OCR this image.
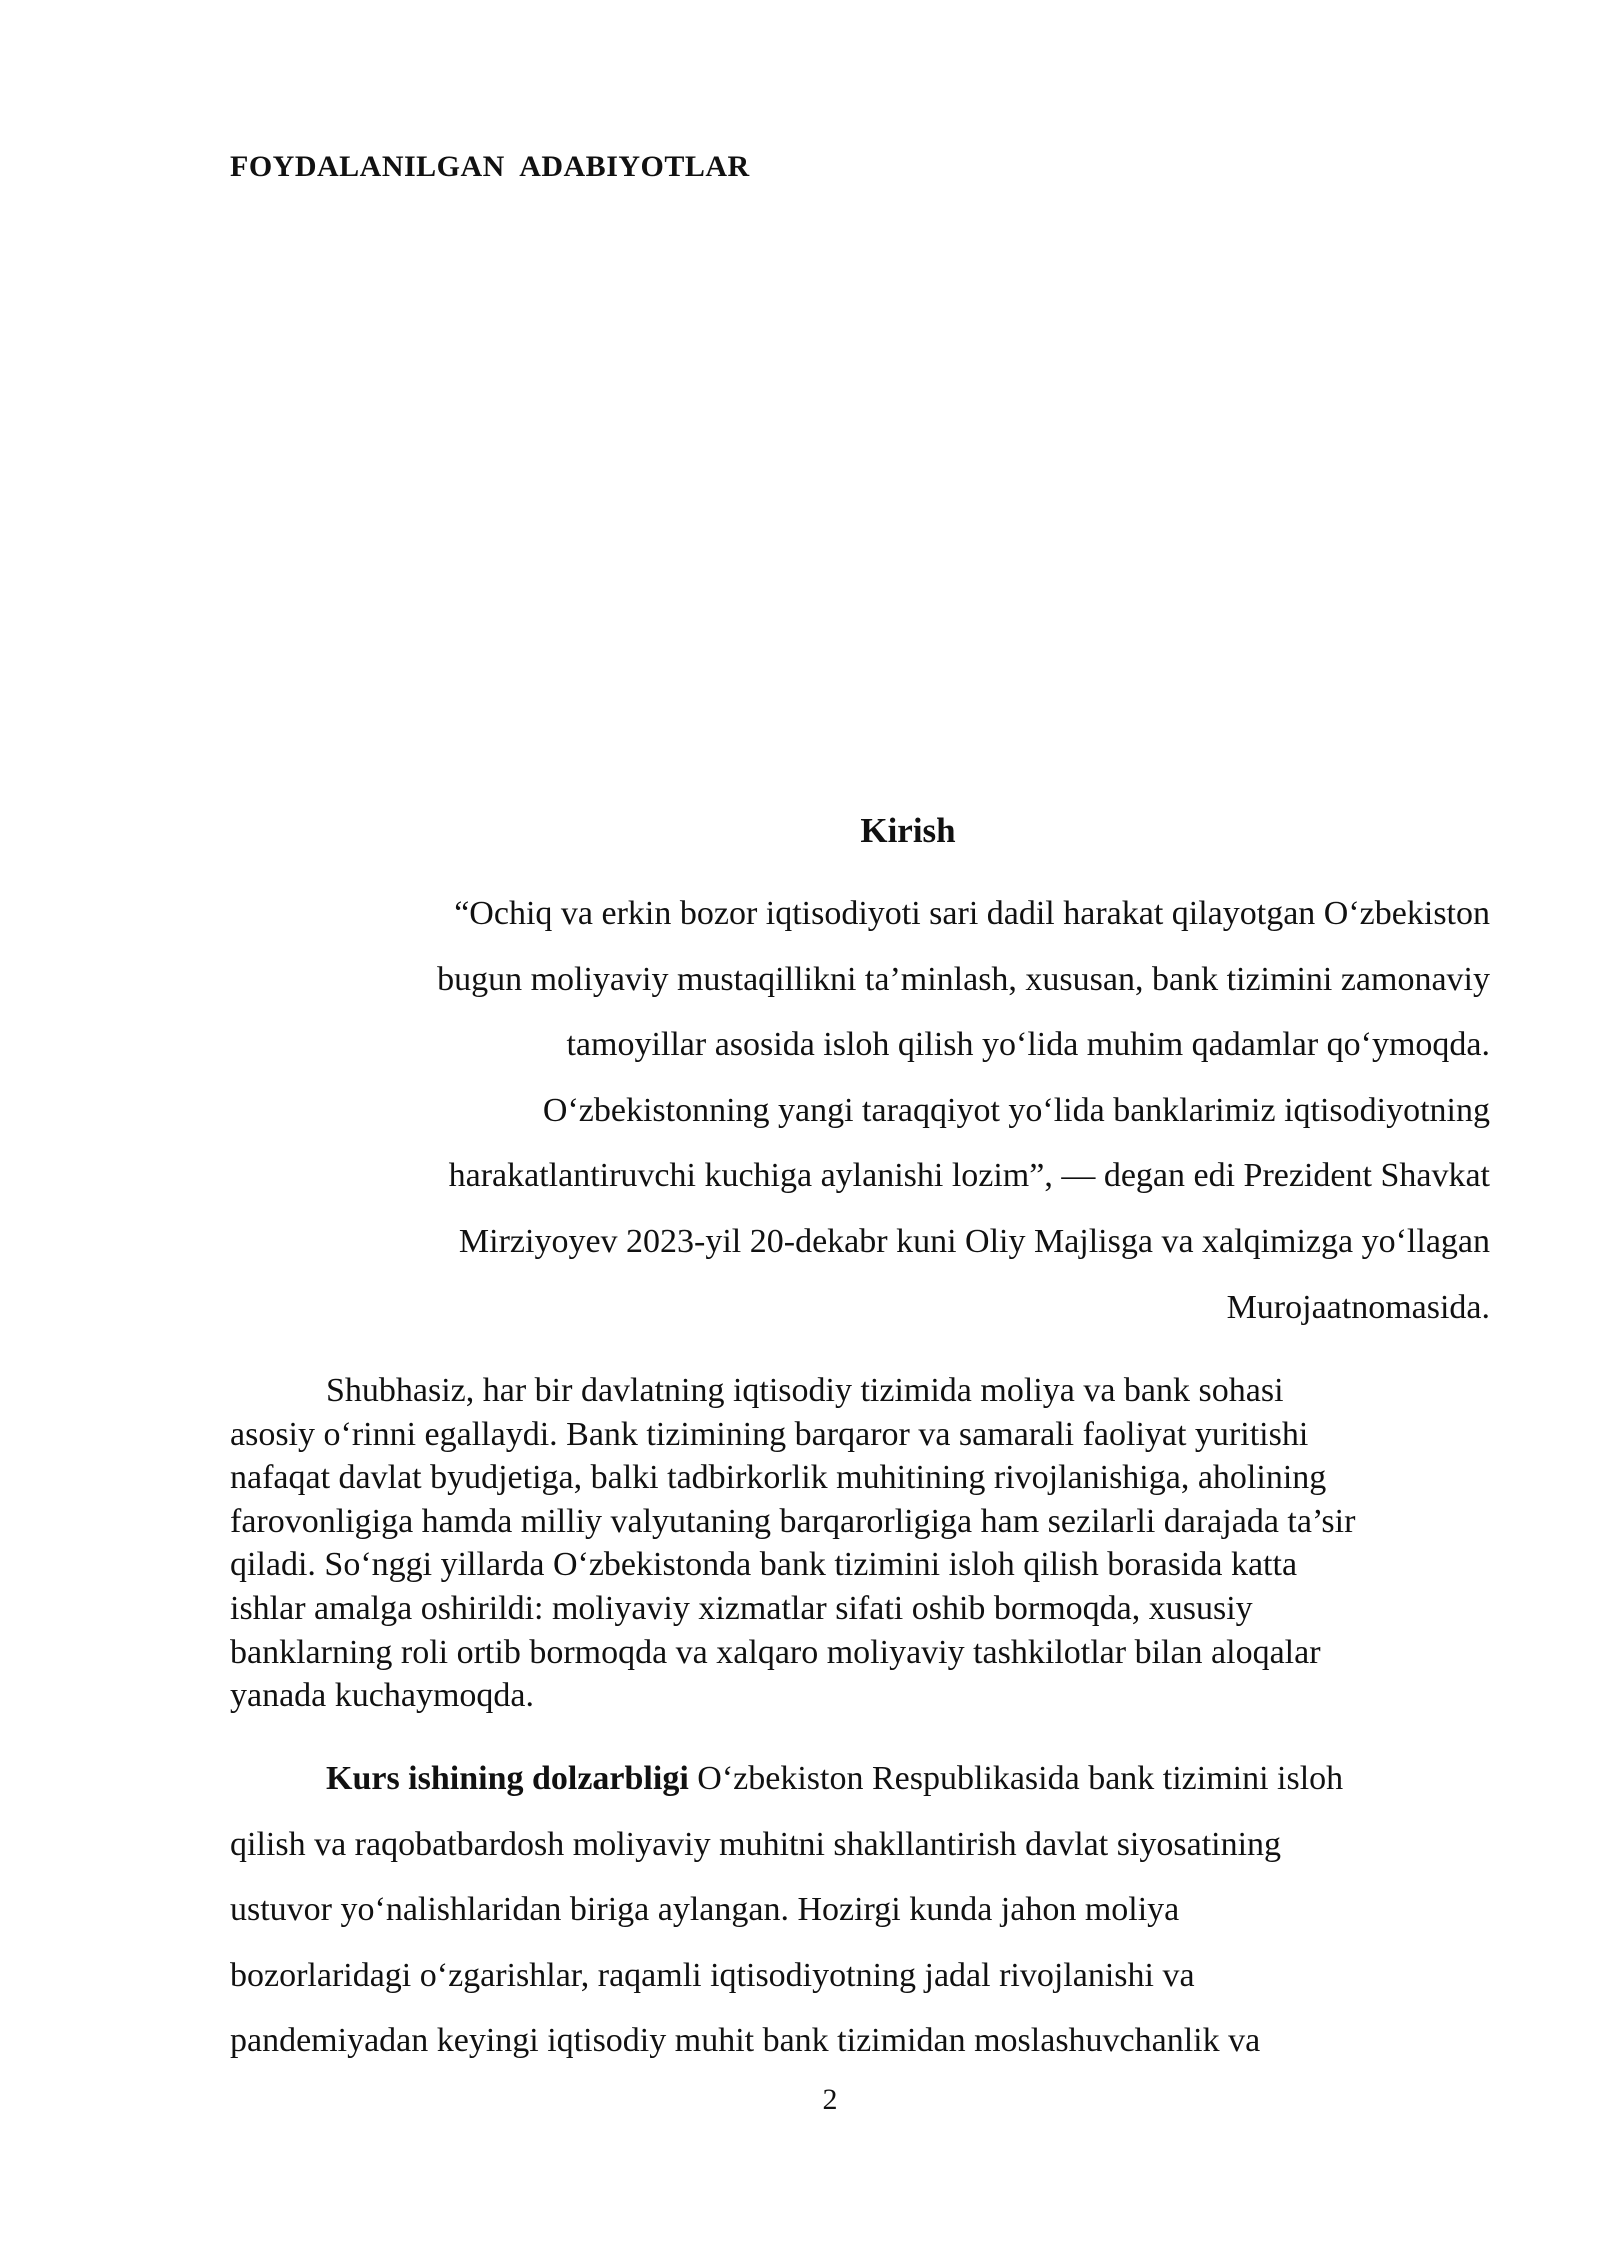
FOYDALANILGAN  ADABIYOTLAR
Kirish
“Ochiq va erkin bozor iqtisodiyoti sari dadil harakat qilayotgan O‘zbekiston
bugun moliyaviy mustaqillikni ta’minlash, xususan, bank tizimini zamonaviy
tamoyillar asosida isloh qilish yo‘lida muhim qadamlar qo‘ymoqda.
O‘zbekistonning yangi taraqqiyot yo‘lida banklarimiz iqtisodiyotning
harakatlantiruvchi kuchiga aylanishi lozim”, — degan edi Prezident Shavkat
Mirziyoyev 2023-yil 20-dekabr kuni Oliy Majlisga va xalqimizga yo‘llagan
Murojaatnomasida.
Shubhasiz, har bir davlatning iqtisodiy tizimida moliya va bank sohasi
asosiy o‘rinni egallaydi. Bank tizimining barqaror va samarali faoliyat yuritishi
nafaqat davlat byudjetiga, balki tadbirkorlik muhitining rivojlanishiga, aholining
farovonligiga hamda milliy valyutaning barqarorligiga ham sezilarli darajada ta’sir
qiladi. So‘nggi yillarda O‘zbekistonda bank tizimini isloh qilish borasida katta
ishlar amalga oshirildi: moliyaviy xizmatlar sifati oshib bormoqda, xususiy
banklarning roli ortib bormoqda va xalqaro moliyaviy tashkilotlar bilan aloqalar
yanada kuchaymoqda.
Kurs ishining dolzarbligi O‘zbekiston Respublikasida bank tizimini isloh
qilish va raqobatbardosh moliyaviy muhitni shakllantirish davlat siyosatining
ustuvor yo‘nalishlaridan biriga aylangan. Hozirgi kunda jahon moliya
bozorlaridagi o‘zgarishlar, raqamli iqtisodiyotning jadal rivojlanishi va
pandemiyadan keyingi iqtisodiy muhit bank tizimidan moslashuvchanlik va
2
